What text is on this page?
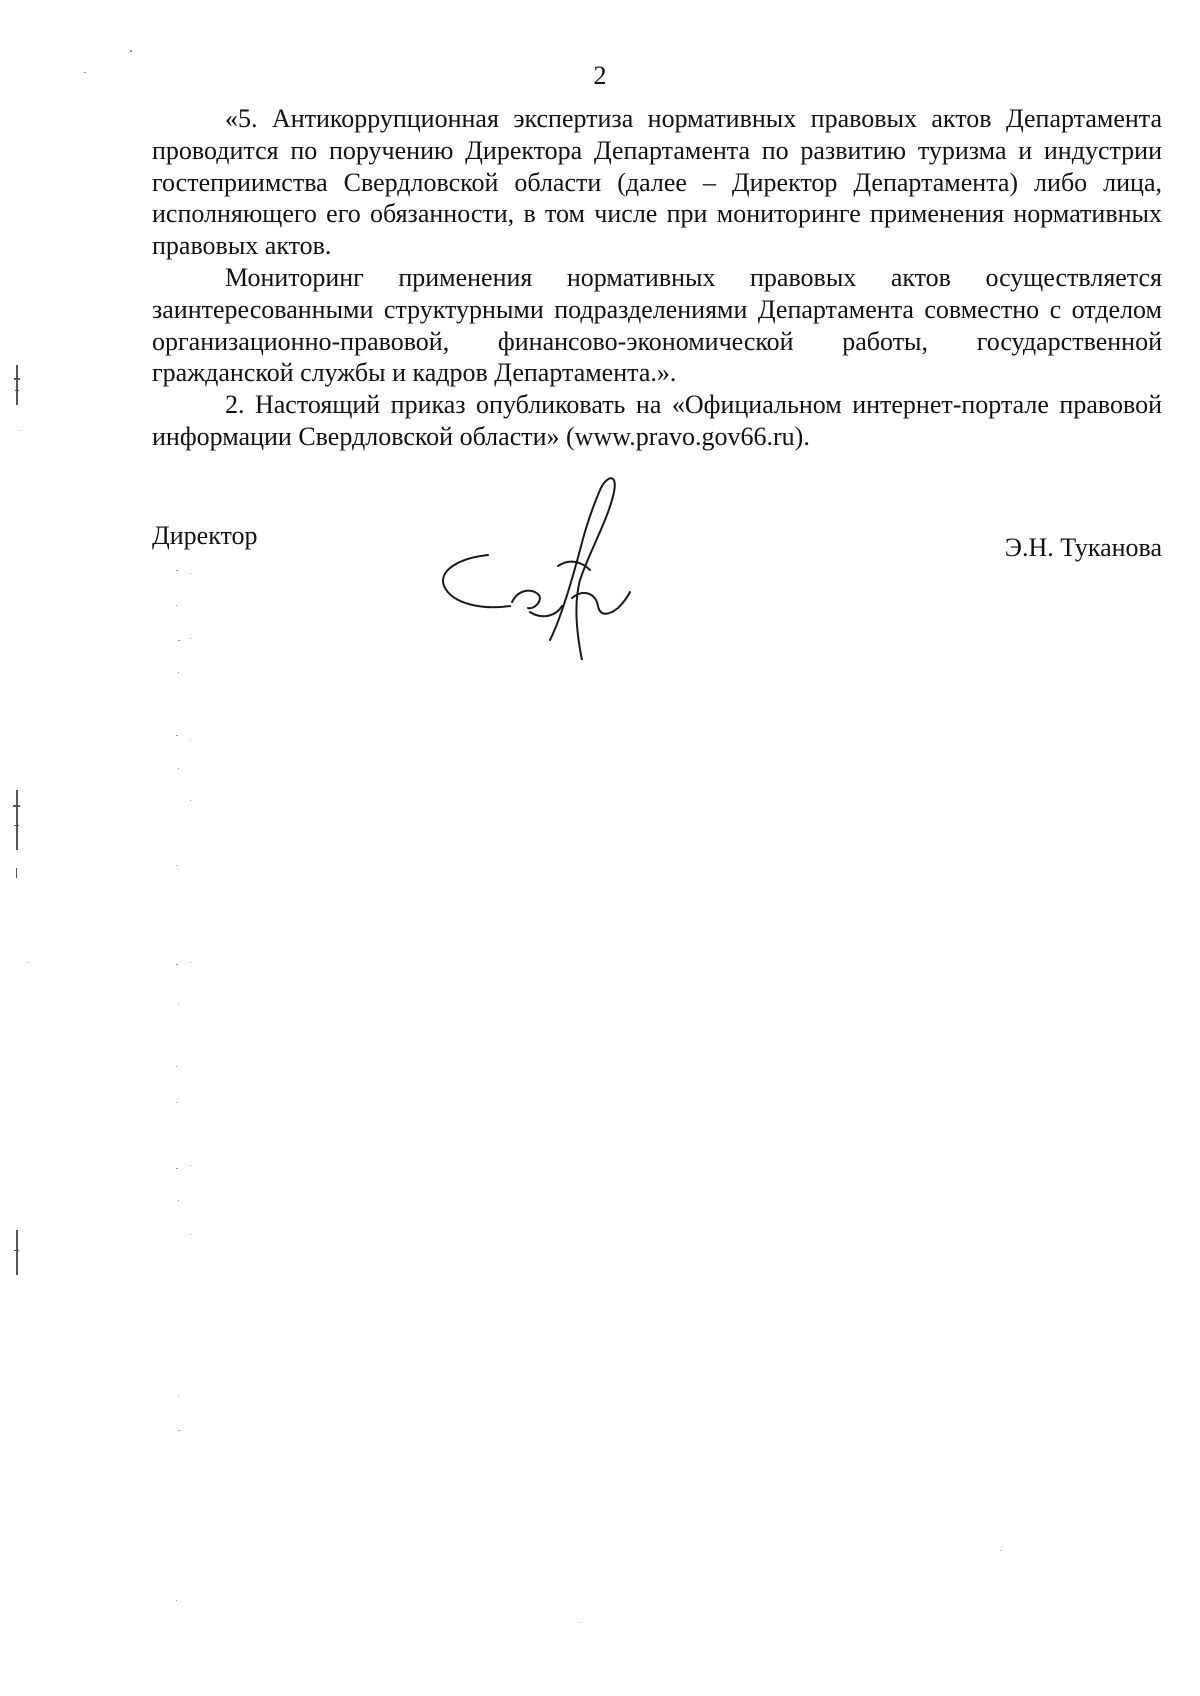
2

«5. Антикоррупционная экспертиза нормативных правовых актов Департамента проводится по поручению Директора Департамента по развитию туризма и индустрии гостеприимства Свердловской области (далее – Директор Департамента) либо лица, исполняющего его обязанности, в том числе при мониторинге применения нормативных правовых актов.

Мониторинг применения нормативных правовых актов осуществляется заинтересованными структурными подразделениями Департамента совместно с отделом организационно-правовой, финансово-экономической работы, государственной гражданской службы и кадров Департамента.».

2. Настоящий приказ опубликовать на «Официальном интернет-портале правовой информации Свердловской области» (www.pravo.gov66.ru).

Директор	Э.Н. Туканова
